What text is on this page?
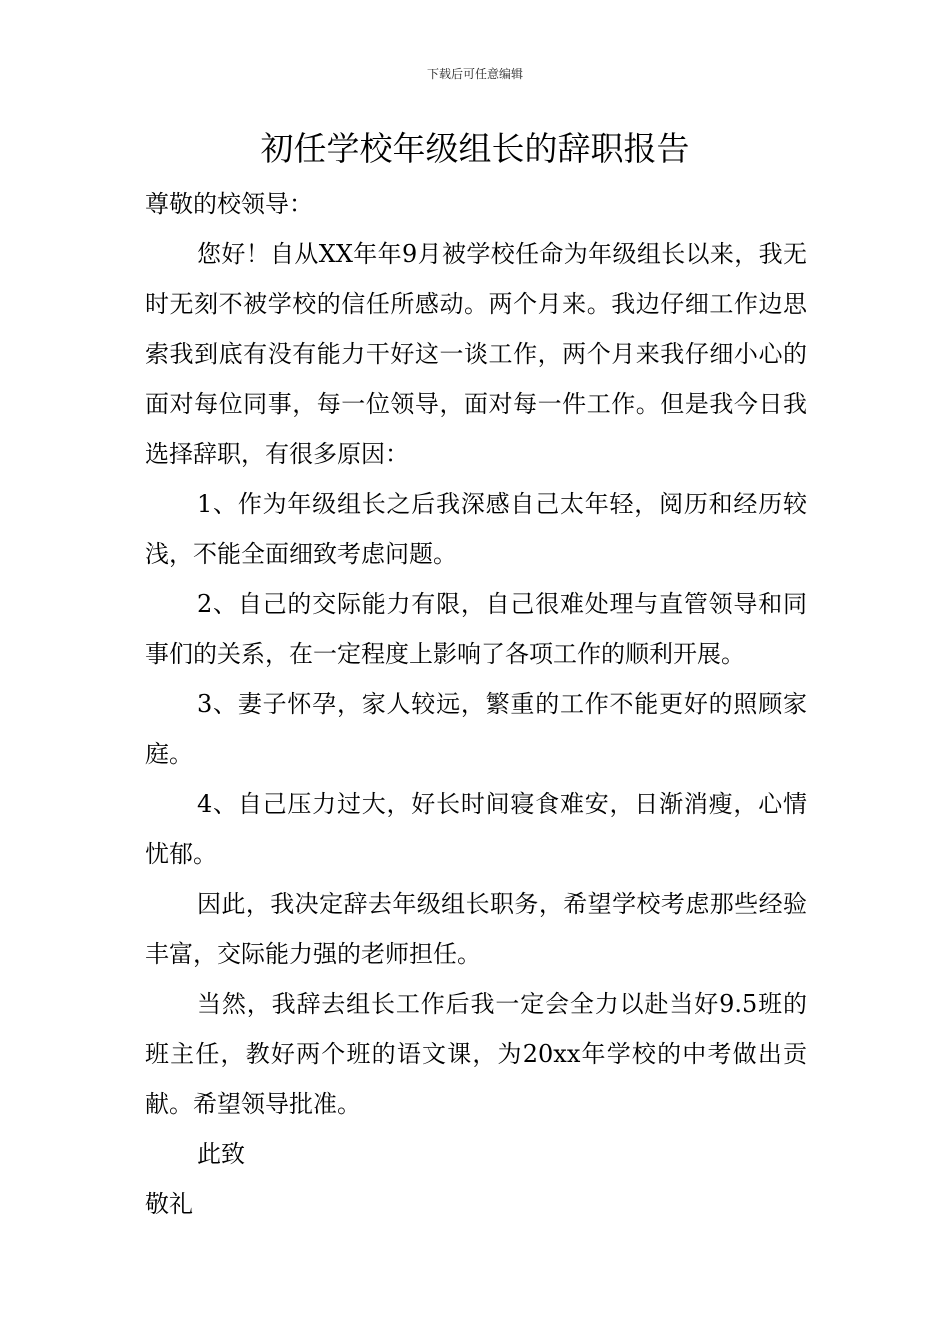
下载后可任意编辑
初任学校年级组长的辞职报告

尊敬的校领导：

您好！自从XX年年9月被学校任命为年级组长以来，我无时无刻不被学校的信任所感动。两个月来。我边仔细工作边思索我到底有没有能力干好这一谈工作，两个月来我仔细小心的面对每位同事，每一位领导，面对每一件工作。但是我今日我选择辞职，有很多原因：

1、作为年级组长之后我深感自己太年轻，阅历和经历较浅，不能全面细致考虑问题。

2、自己的交际能力有限，自己很难处理与直管领导和同事们的关系，在一定程度上影响了各项工作的顺利开展。

3、妻子怀孕，家人较远，繁重的工作不能更好的照顾家庭。

4、自己压力过大，好长时间寝食难安，日渐消瘦，心情忧郁。

因此，我决定辞去年级组长职务，希望学校考虑那些经验丰富，交际能力强的老师担任。

当然，我辞去组长工作后我一定会全力以赴当好9.5班的班主任，教好两个班的语文课，为20xx年学校的中考做出贡献。希望领导批准。

此致

敬礼
